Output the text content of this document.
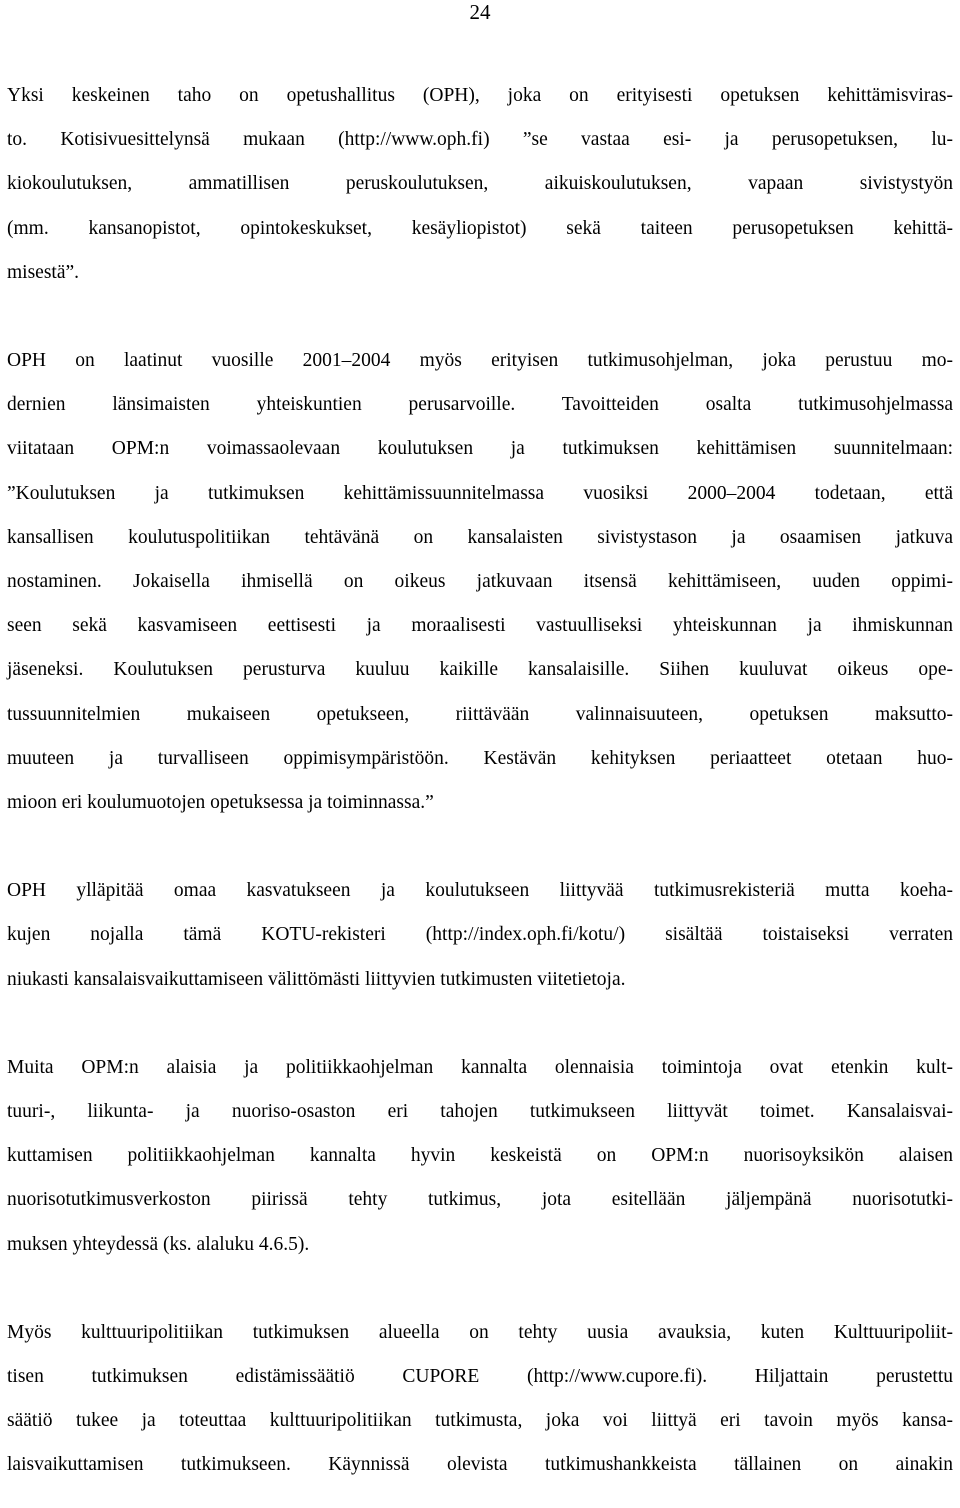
24
Yksi keskeinen taho on opetushallitus (OPH), joka on erityisesti opetuksen kehittämisviras-
to. Kotisivuesittelynsä mukaan (http://www.oph.fi) ”se vastaa esi- ja perusopetuksen, lu-
kiokoulutuksen, ammatillisen peruskoulutuksen, aikuiskoulutuksen, vapaan sivistystyön
(mm. kansanopistot, opintokeskukset, kesäyliopistot) sekä taiteen perusopetuksen kehittä-
misestä”.
OPH on laatinut vuosille 2001–2004 myös erityisen tutkimusohjelman, joka perustuu mo-
dernien länsimaisten yhteiskuntien perusarvoille. Tavoitteiden osalta tutkimusohjelmassa
viitataan OPM:n voimassaolevaan koulutuksen ja tutkimuksen kehittämisen suunnitelmaan:
”Koulutuksen ja tutkimuksen kehittämissuunnitelmassa vuosiksi 2000–2004 todetaan, että
kansallisen koulutuspolitiikan tehtävänä on kansalaisten sivistystason ja osaamisen jatkuva
nostaminen. Jokaisella ihmisellä on oikeus jatkuvaan itsensä kehittämiseen, uuden oppimi-
seen sekä kasvamiseen eettisesti ja moraalisesti vastuulliseksi yhteiskunnan ja ihmiskunnan
jäseneksi. Koulutuksen perusturva kuuluu kaikille kansalaisille. Siihen kuuluvat oikeus ope-
tussuunnitelmien mukaiseen opetukseen, riittävään valinnaisuuteen, opetuksen maksutto-
muuteen ja turvalliseen oppimisympäristöön. Kestävän kehityksen periaatteet otetaan huo-
mioon eri koulumuotojen opetuksessa ja toiminnassa.”
OPH ylläpitää omaa kasvatukseen ja koulutukseen liittyvää tutkimusrekisteriä mutta koeha-
kujen nojalla tämä KOTU-rekisteri (http://index.oph.fi/kotu/) sisältää toistaiseksi verraten
niukasti kansalaisvaikuttamiseen välittömästi liittyvien tutkimusten viitetietoja.
Muita OPM:n alaisia ja politiikkaohjelman kannalta olennaisia toimintoja ovat etenkin kult-
tuuri-, liikunta- ja nuoriso-osaston eri tahojen tutkimukseen liittyvät toimet. Kansalaisvai-
kuttamisen politiikkaohjelman kannalta hyvin keskeistä on OPM:n nuorisoyksikön alaisen
nuorisotutkimusverkoston piirissä tehty tutkimus, jota esitellään jäljempänä nuorisotutki-
muksen yhteydessä (ks. alaluku 4.6.5).
Myös kulttuuripolitiikan tutkimuksen alueella on tehty uusia avauksia, kuten Kulttuuripoliit-
tisen tutkimuksen edistämissäätiö CUPORE (http://www.cupore.fi). Hiljattain perustettu
säätiö tukee ja toteuttaa kulttuuripolitiikan tutkimusta, joka voi liittyä eri tavoin myös kansa-
laisvaikuttamisen tutkimukseen. Käynnissä olevista tutkimushankkeista tällainen on ainakin
